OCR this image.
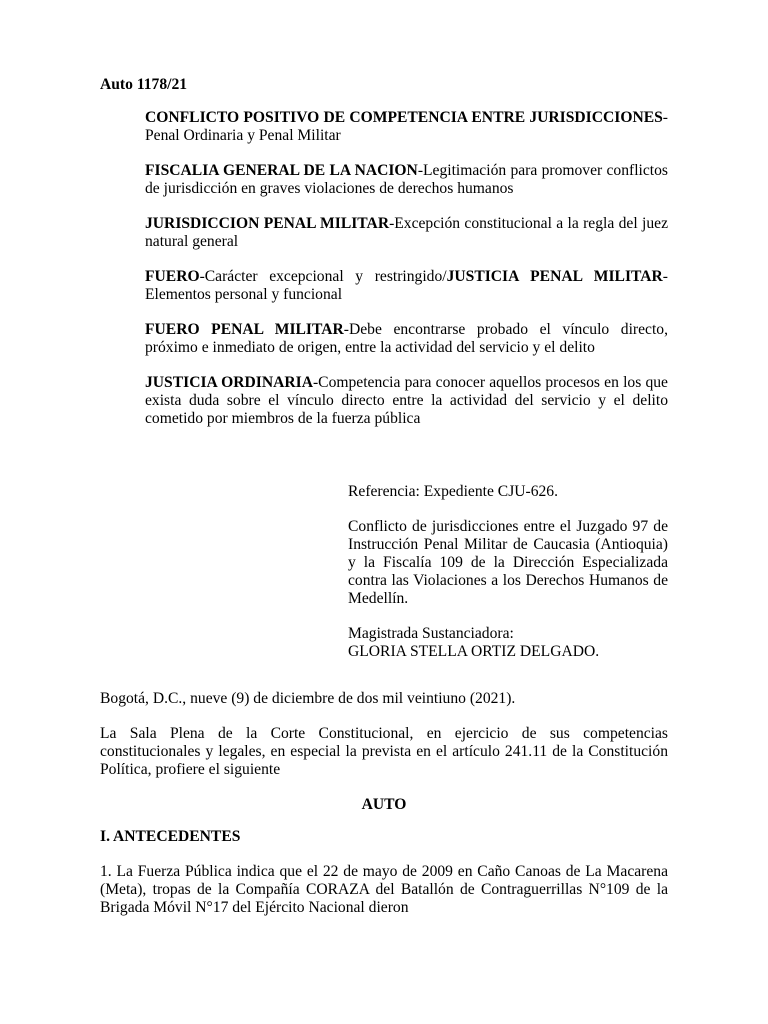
Auto 1178/21

CONFLICTO POSITIVO DE COMPETENCIA ENTRE JURISDICCIONES-Penal Ordinaria y Penal Militar

FISCALIA GENERAL DE LA NACION-Legitimación para promover conflictos de jurisdicción en graves violaciones de derechos humanos

JURISDICCION PENAL MILITAR-Excepción constitucional a la regla del juez natural general

FUERO-Carácter excepcional y restringido/JUSTICIA PENAL MILITAR-Elementos personal y funcional

FUERO PENAL MILITAR-Debe encontrarse probado el vínculo directo, próximo e inmediato de origen, entre la actividad del servicio y el delito

JUSTICIA ORDINARIA-Competencia para conocer aquellos procesos en los que exista duda sobre el vínculo directo entre la actividad del servicio y el delito cometido por miembros de la fuerza pública

Referencia: Expediente CJU-626.

Conflicto de jurisdicciones entre el Juzgado 97 de Instrucción Penal Militar de Caucasia (Antioquia) y la Fiscalía 109 de la Dirección Especializada contra las Violaciones a los Derechos Humanos de Medellín.

Magistrada Sustanciadora:
GLORIA STELLA ORTIZ DELGADO.

Bogotá, D.C., nueve (9) de diciembre de dos mil veintiuno (2021).

La Sala Plena de la Corte Constitucional, en ejercicio de sus competencias constitucionales y legales, en especial la prevista en el artículo 241.11 de la Constitución Política, profiere el siguiente

AUTO
I. ANTECEDENTES

1. La Fuerza Pública indica que el 22 de mayo de 2009 en Caño Canoas de La Macarena (Meta), tropas de la Compañía CORAZA del Batallón de Contraguerrillas N°109 de la Brigada Móvil N°17 del Ejército Nacional dieron
